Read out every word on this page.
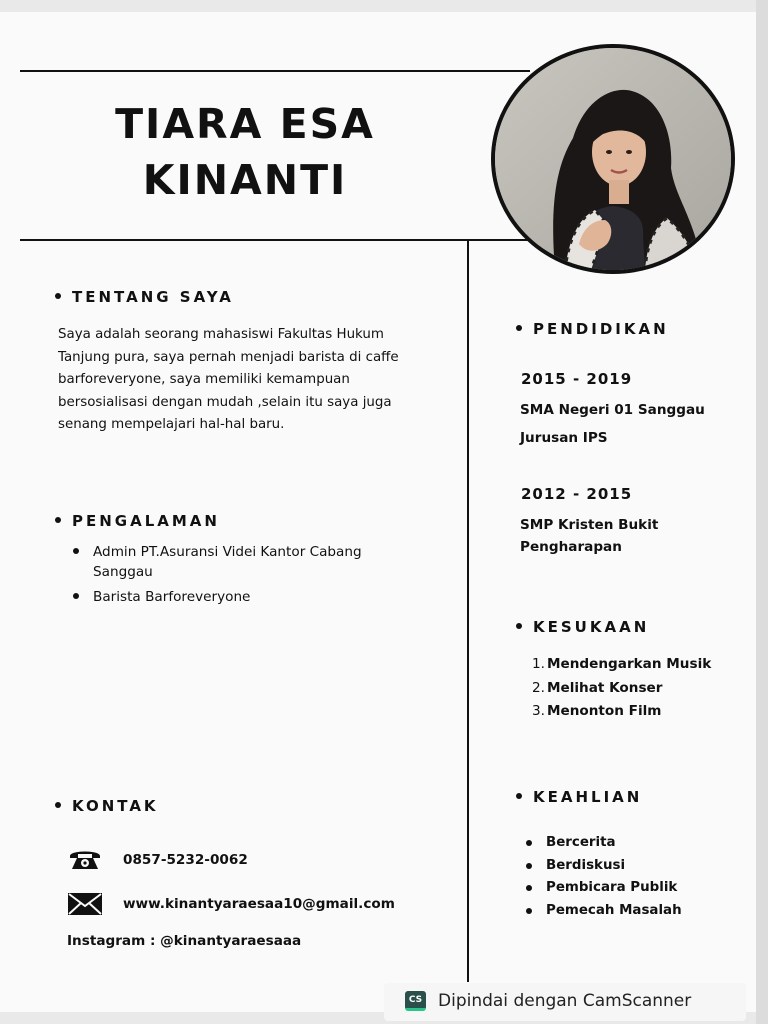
TIARA ESA
KINANTI
TENTANG SAYA
Saya adalah seorang mahasiswi Fakultas Hukum
Tanjung pura, saya pernah menjadi barista di caffe
barforeveryone, saya memiliki kemampuan
bersosialisasi dengan mudah ,selain itu saya juga
senang mempelajari hal-hal baru.
PENGALAMAN
Admin PT.Asuransi Videi Kantor Cabang
Sanggau
Barista Barforeveryone
KONTAK
0857-5232-0062
www.kinantyaraesaa10@gmail.com
Instagram : @kinantyaraesaaa
PENDIDIKAN
2015 - 2019
SMA Negeri 01 Sanggau
Jurusan IPS
2012 - 2015
SMP Kristen Bukit
Pengharapan
KESUKAAN
1. Mendengarkan Musik
2. Melihat Konser
3. Menonton Film
KEAHLIAN
Bercerita
Berdiskusi
Pembicara Publik
Pemecah Masalah
CS Dipindai dengan CamScanner
